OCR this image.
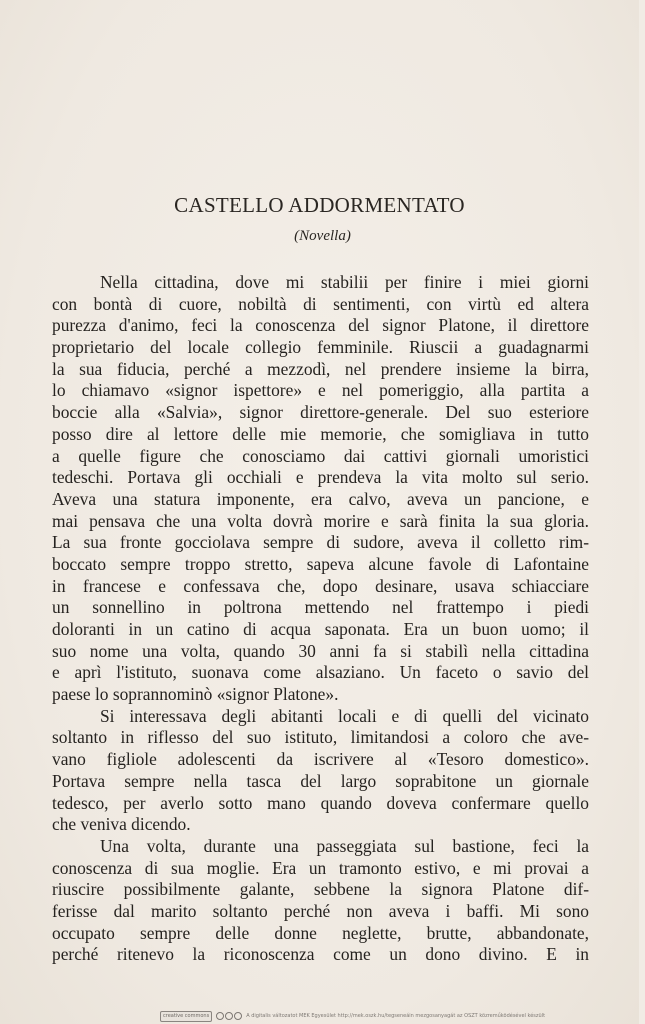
CASTELLO ADDORMENTATO
(Novella)
Nella cittadina, dove mi stabilii per finire i miei giorni
con bontà di cuore, nobiltà di sentimenti, con virtù ed altera
purezza d'animo, feci la conoscenza del signor Platone, il direttore
proprietario del locale collegio femminile. Riuscii a guadagnarmi
la sua fiducia, perché a mezzodì, nel prendere insieme la birra,
lo chiamavo «signor ispettore» e nel pomeriggio, alla partita a
boccie alla «Salvia», signor direttore-generale. Del suo esteriore
posso dire al lettore delle mie memorie, che somigliava in tutto
a quelle figure che conosciamo dai cattivi giornali umoristici
tedeschi. Portava gli occhiali e prendeva la vita molto sul serio.
Aveva una statura imponente, era calvo, aveva un pancione, e
mai pensava che una volta dovrà morire e sarà finita la sua gloria.
La sua fronte gocciolava sempre di sudore, aveva il colletto rim-
boccato sempre troppo stretto, sapeva alcune favole di Lafontaine
in francese e confessava che, dopo desinare, usava schiacciare
un sonnellino in poltrona mettendo nel frattempo i piedi
doloranti in un catino di acqua saponata. Era un buon uomo; il
suo nome una volta, quando 30 anni fa si stabilì nella cittadina
e aprì l'istituto, suonava come alsaziano. Un faceto o savio del
paese lo soprannominò «signor Platone».
Si interessava degli abitanti locali e di quelli del vicinato
soltanto in riflesso del suo istituto, limitandosi a coloro che ave-
vano figliole adolescenti da iscrivere al «Tesoro domestico».
Portava sempre nella tasca del largo soprabitone un giornale
tedesco, per averlo sotto mano quando doveva confermare quello
che veniva dicendo.
Una volta, durante una passeggiata sul bastione, feci la
conoscenza di sua moglie. Era un tramonto estivo, e mi provai a
riuscire possibilmente galante, sebbene la signora Platone dif-
ferisse dal marito soltanto perché non aveva i baffi. Mi sono
occupato sempre delle donne neglette, brutte, abbandonate,
perché ritenevo la riconoscenza come un dono divino. E in
creative commons	A digitalis változatot MEK Egyesület http://mek.oszk.hu/tegseneáin mezgosanyagát az OSZT közreműködésével készült
